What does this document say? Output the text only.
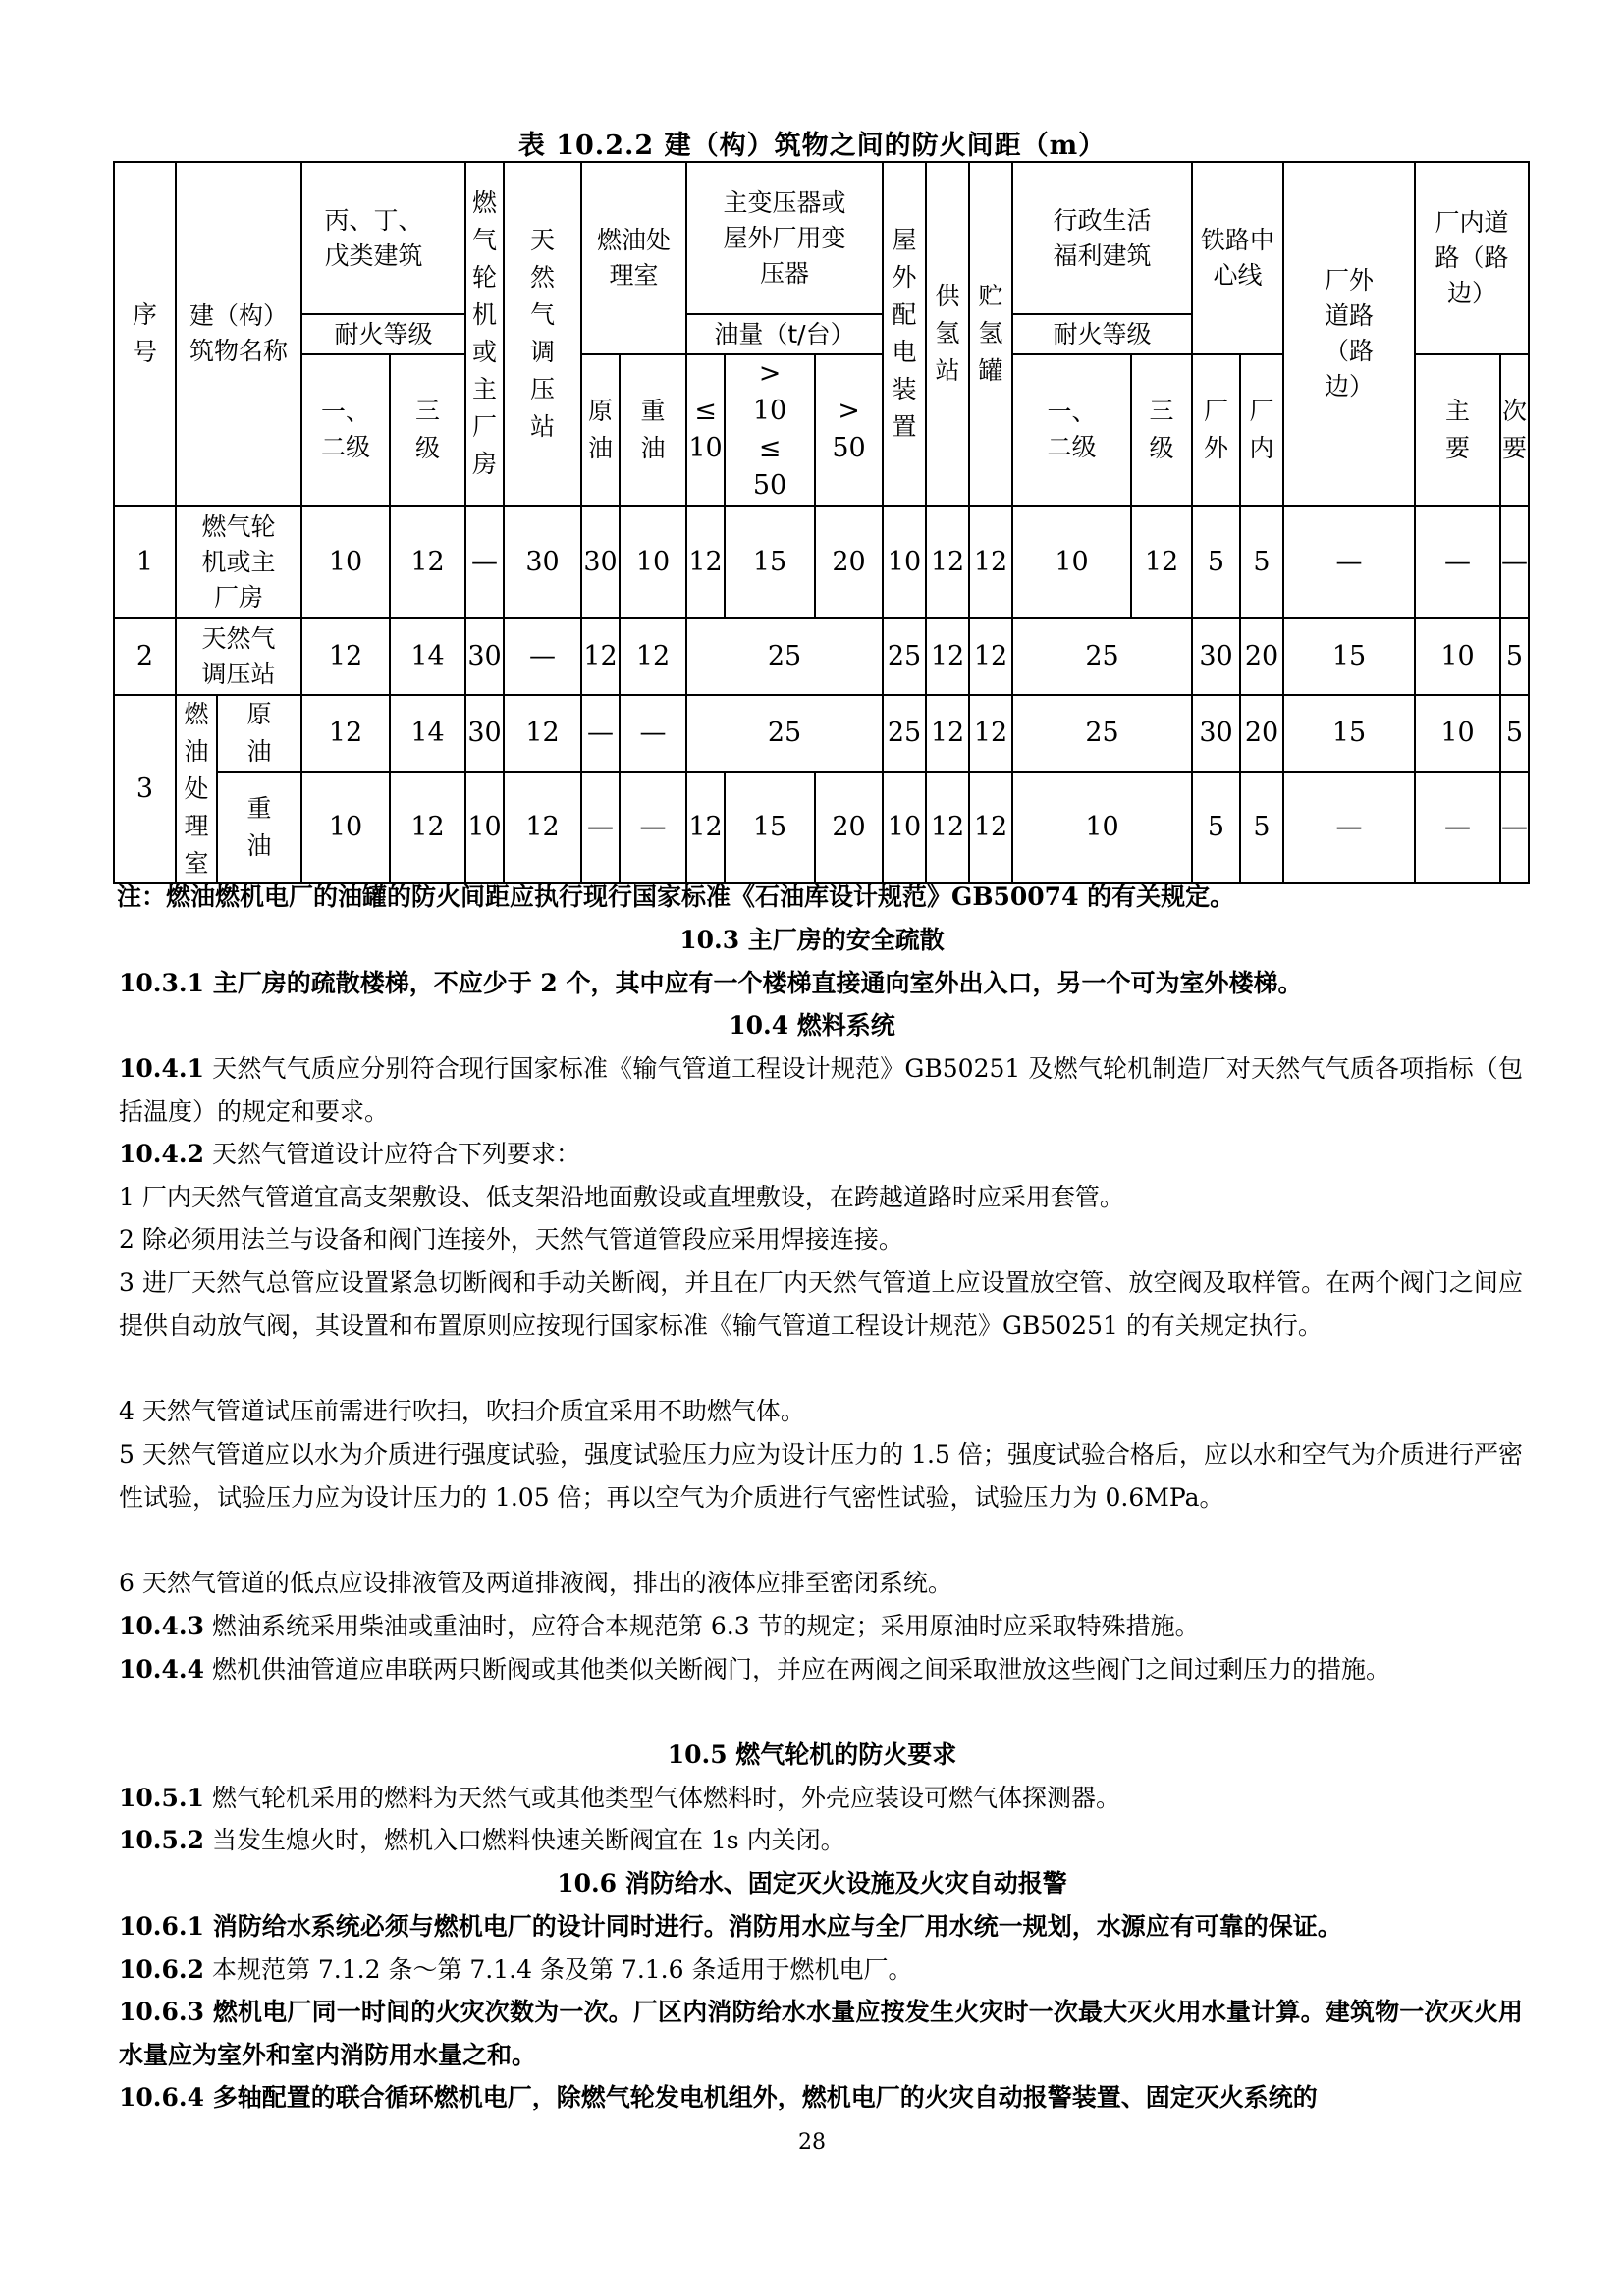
表 10.2.2 建（构）筑物之间的防火间距（m）
序号	建（构）筑物名称		丙、丁、戊类建筑		燃气轮机或主厂房	天然气调压站	燃油处理室		主变压器或屋外厂用变压器			屋外配电装置	供氢站	贮氢罐	行政生活福利建筑		铁路中心线		厂外道路（路边）	厂内道路（路边）	

			耐火等级						油量（t/台）						耐火等级						

			一、二级	三级			原油	重油	≤10	>10≤50	>50				一、二级	三级	厂外	厂内		主要	次要
1	燃气轮机或主厂房		10	12	—	30	30	10	12	15	20	10	12	12	10	12	5	5	—	—	—
2	天然气调压站		12	14	30	—	12	12	25			25	12	12	25		30	20	15	10	5
3	燃油处理室	原油	12	14	30	12	—	—	25			25	12	12	25		30	20	15	10	5
		重油	10	12	10	12	—	—	12	15	20	10	12	12	10		5	5	—	—	—
注：燃油燃机电厂的油罐的防火间距应执行现行国家标准《石油库设计规范》GB50074 的有关规定。
10.3 主厂房的安全疏散
10.3.1 主厂房的疏散楼梯，不应少于 2 个，其中应有一个楼梯直接通向室外出入口，另一个可为室外楼梯。
10.4 燃料系统
10.4.1 天然气气质应分别符合现行国家标准《输气管道工程设计规范》GB50251 及燃气轮机制造厂对天然气气质各项指标（包括温度）的规定和要求。
10.4.2 天然气管道设计应符合下列要求：
1 厂内天然气管道宜高支架敷设、低支架沿地面敷设或直埋敷设，在跨越道路时应采用套管。
2 除必须用法兰与设备和阀门连接外，天然气管道管段应采用焊接连接。
3 进厂天然气总管应设置紧急切断阀和手动关断阀，并且在厂内天然气管道上应设置放空管、放空阀及取样管。在两个阀门之间应提供自动放气阀，其设置和布置原则应按现行国家标准《输气管道工程设计规范》GB50251 的有关规定执行。
4 天然气管道试压前需进行吹扫，吹扫介质宜采用不助燃气体。
5 天然气管道应以水为介质进行强度试验，强度试验压力应为设计压力的 1.5 倍；强度试验合格后，应以水和空气为介质进行严密性试验，试验压力应为设计压力的 1.05 倍；再以空气为介质进行气密性试验，试验压力为 0.6MPa。
6 天然气管道的低点应设排液管及两道排液阀，排出的液体应排至密闭系统。
10.4.3 燃油系统采用柴油或重油时，应符合本规范第 6.3 节的规定；采用原油时应采取特殊措施。
10.4.4 燃机供油管道应串联两只断阀或其他类似关断阀门，并应在两阀之间采取泄放这些阀门之间过剩压力的措施。
10.5 燃气轮机的防火要求
10.5.1 燃气轮机采用的燃料为天然气或其他类型气体燃料时，外壳应装设可燃气体探测器。
10.5.2 当发生熄火时，燃机入口燃料快速关断阀宜在 1s 内关闭。
10.6 消防给水、固定灭火设施及火灾自动报警
10.6.1 消防给水系统必须与燃机电厂的设计同时进行。消防用水应与全厂用水统一规划，水源应有可靠的保证。
10.6.2 本规范第 7.1.2 条～第 7.1.4 条及第 7.1.6 条适用于燃机电厂。
10.6.3 燃机电厂同一时间的火灾次数为一次。厂区内消防给水水量应按发生火灾时一次最大灭火用水量计算。建筑物一次灭火用水量应为室外和室内消防用水量之和。
10.6.4 多轴配置的联合循环燃机电厂，除燃气轮发电机组外，燃机电厂的火灾自动报警装置、固定灭火系统的
28
